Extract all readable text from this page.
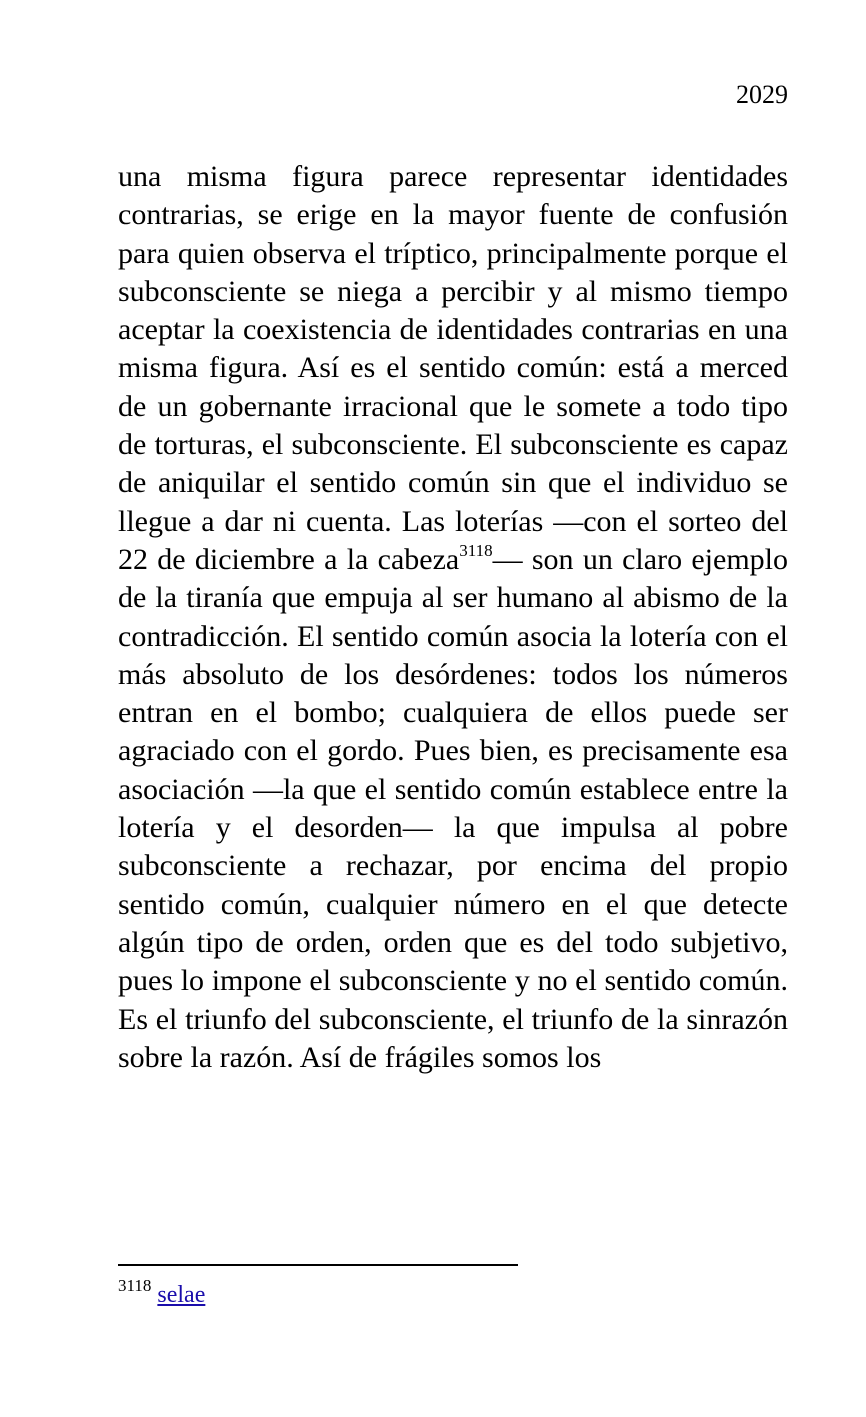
2029

una misma figura parece representar identidades contrarias, se erige en la mayor fuente de confusión para quien observa el tríptico, principalmente porque el subconsciente se niega a percibir y al mismo tiempo aceptar la coexistencia de identidades contrarias en una misma figura. Así es el sentido común: está a merced de un gobernante irracional que le somete a todo tipo de torturas, el subconsciente. El subconsciente es capaz de aniquilar el sentido común sin que el individuo se llegue a dar ni cuenta. Las loterías —con el sorteo del 22 de diciembre a la cabeza$^{3118}$— son un claro ejemplo de la tiranía que empuja al ser humano al abismo de la contradicción. El sentido común asocia la lotería con el más absoluto de los desórdenes: todos los números entran en el bombo; cualquiera de ellos puede ser agraciado con el gordo. Pues bien, es precisamente esa asociación —la que el sentido común establece entre la lotería y el desorden— la que impulsa al pobre subconsciente a rechazar, por encima del propio sentido común, cualquier número en el que detecte algún tipo de orden, orden que es del todo subjetivo, pues lo impone el subconsciente y no el sentido común. Es el triunfo del subconsciente, el triunfo de la sinrazón sobre la razón. Así de frágiles somos los

$^{3118}$ selae
